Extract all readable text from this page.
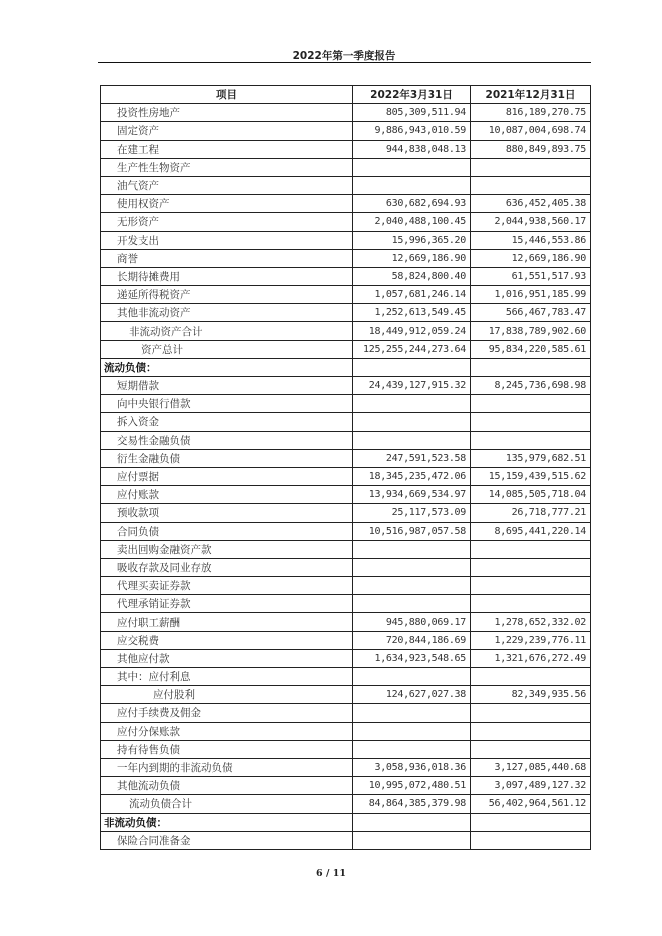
2022年第一季度报告
项目	2022年3月31日	2021年12月31日
投资性房地产	805,309,511.94	816,189,270.75
固定资产	9,886,943,010.59	10,087,004,698.74
在建工程	944,838,048.13	880,849,893.75
生产性生物资产		
油气资产		
使用权资产	630,682,694.93	636,452,405.38
无形资产	2,040,488,100.45	2,044,938,560.17
开发支出	15,996,365.20	15,446,553.86
商誉	12,669,186.90	12,669,186.90
长期待摊费用	58,824,800.40	61,551,517.93
递延所得税资产	1,057,681,246.14	1,016,951,185.99
其他非流动资产	1,252,613,549.45	566,467,783.47
非流动资产合计	18,449,912,059.24	17,838,789,902.60
资产总计	125,255,244,273.64	95,834,220,585.61
流动负债：		
短期借款	24,439,127,915.32	8,245,736,698.98
向中央银行借款		
拆入资金		
交易性金融负债		
衍生金融负债	247,591,523.58	135,979,682.51
应付票据	18,345,235,472.06	15,159,439,515.62
应付账款	13,934,669,534.97	14,085,505,718.04
预收款项	25,117,573.09	26,718,777.21
合同负债	10,516,987,057.58	8,695,441,220.14
卖出回购金融资产款		
吸收存款及同业存放		
代理买卖证券款		
代理承销证券款		
应付职工薪酬	945,880,069.17	1,278,652,332.02
应交税费	720,844,186.69	1,229,239,776.11
其他应付款	1,634,923,548.65	1,321,676,272.49
其中：应付利息		
应付股利	124,627,027.38	82,349,935.56
应付手续费及佣金		
应付分保账款		
持有待售负债		
一年内到期的非流动负债	3,058,936,018.36	3,127,085,440.68
其他流动负债	10,995,072,480.51	3,097,489,127.32
流动负债合计	84,864,385,379.98	56,402,964,561.12
非流动负债：		
保险合同准备金		
6 / 11
